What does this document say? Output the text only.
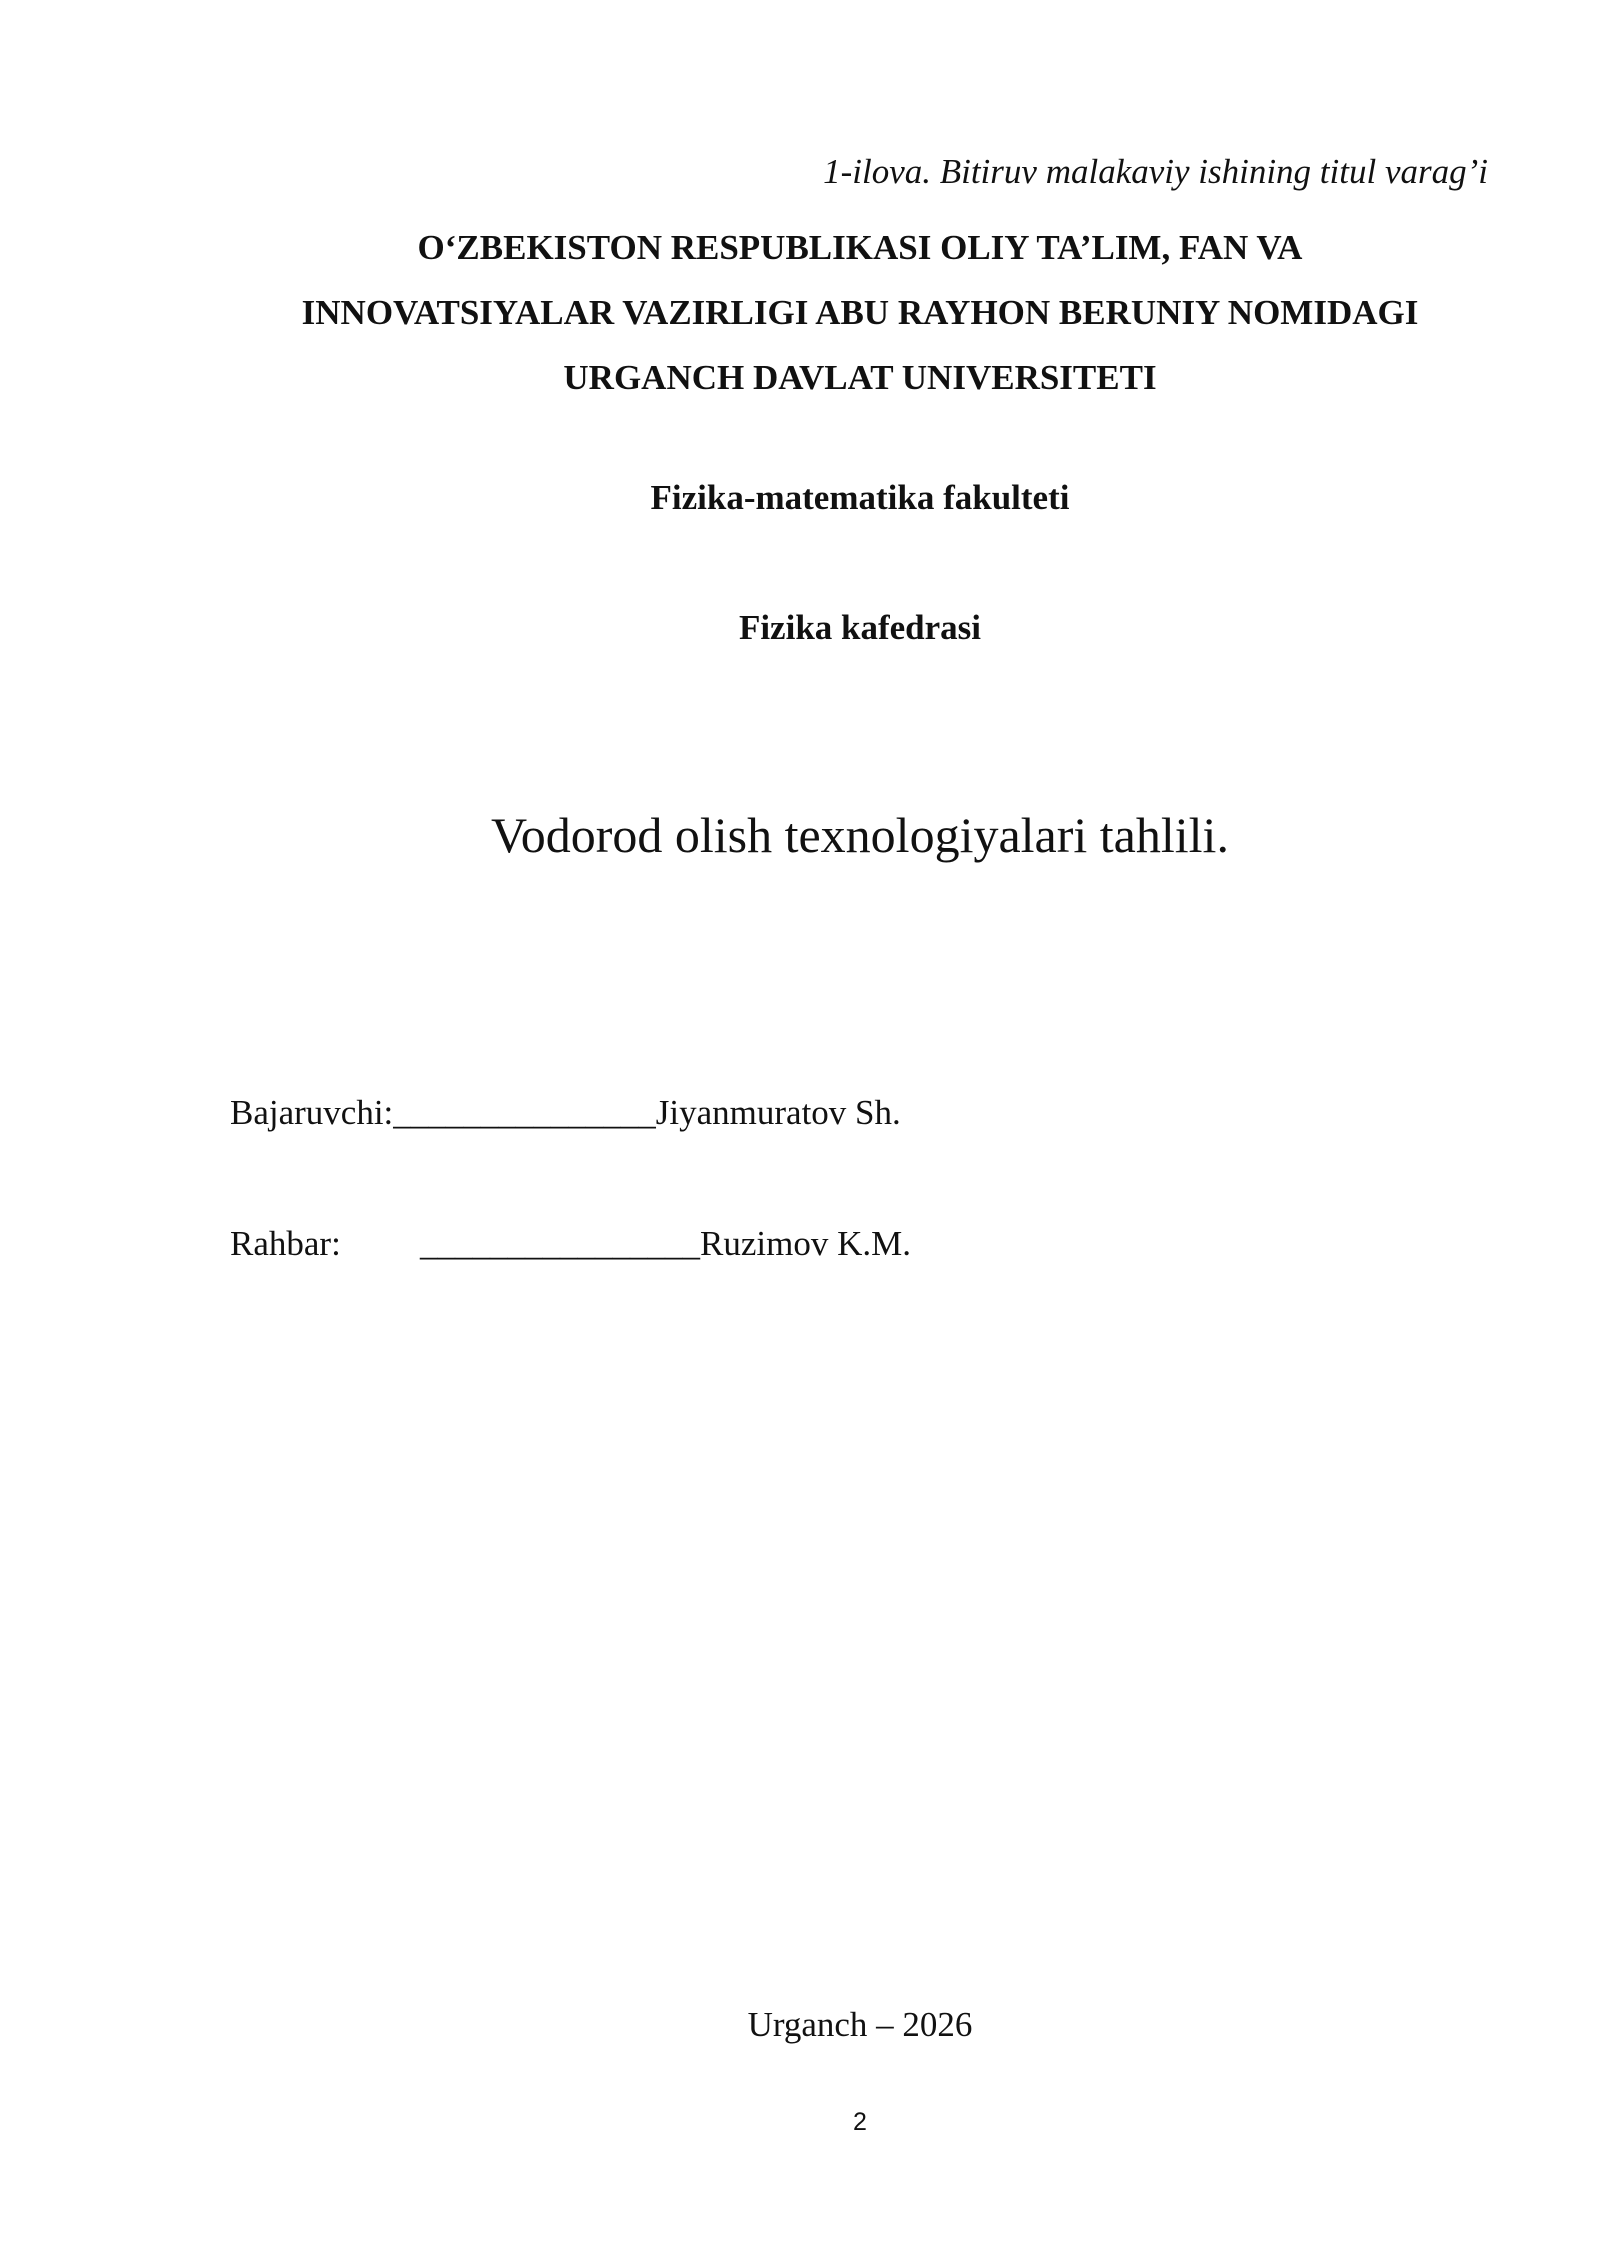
1-ilova. Bitiruv malakaviy ishining titul varag’i
O‘ZBEKISTON RESPUBLIKASI OLIY TA’LIM, FAN VA
INNOVATSIYALAR VAZIRLIGI ABU RAYHON BERUNIY NOMIDAGI
URGANCH DAVLAT UNIVERSITETI
Fizika-matematika fakulteti
Fizika kafedrasi
Vodorod olish texnologiyalari tahlili.
Bajaruvchi:_______________Jiyanmuratov Sh.
Rahbar: ________________Ruzimov K.M.
Urganch – 2026
2
